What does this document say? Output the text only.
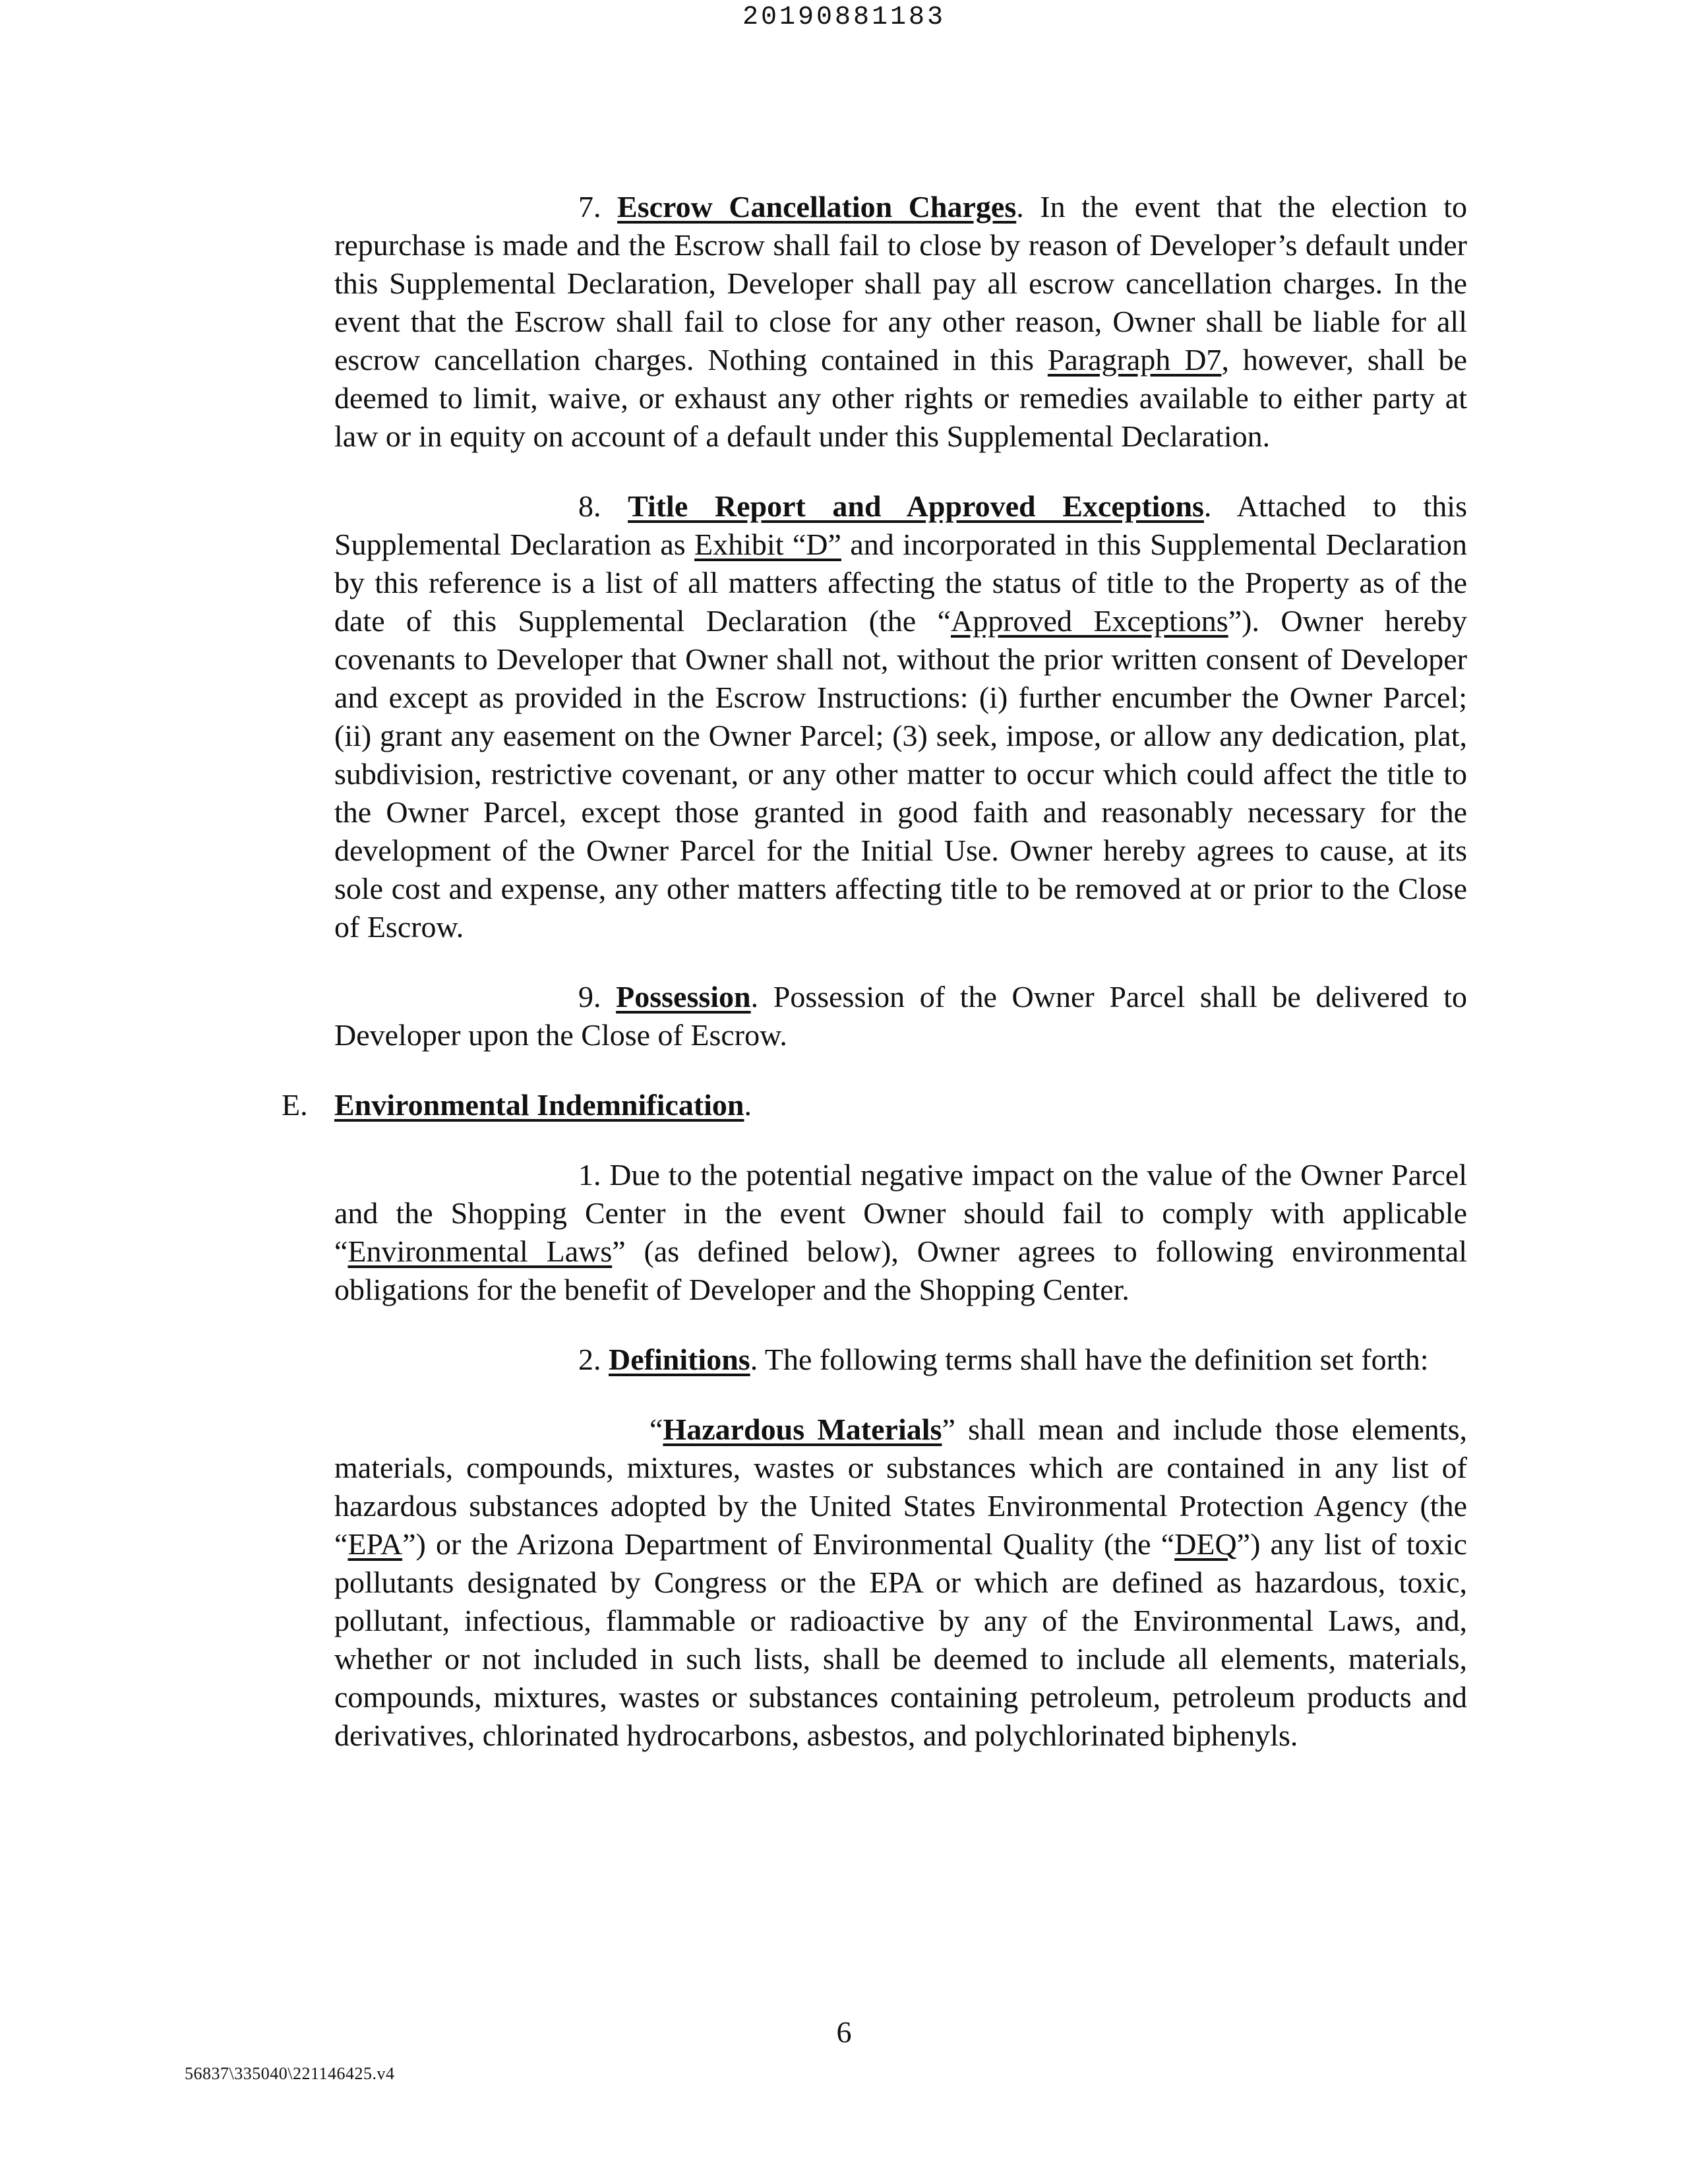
20190881183

7. Escrow Cancellation Charges. In the event that the election to repurchase is made and the Escrow shall fail to close by reason of Developer’s default under this Supplemental Declaration, Developer shall pay all escrow cancellation charges. In the event that the Escrow shall fail to close for any other reason, Owner shall be liable for all escrow cancellation charges. Nothing contained in this Paragraph D7, however, shall be deemed to limit, waive, or exhaust any other rights or remedies available to either party at law or in equity on account of a default under this Supplemental Declaration.

8. Title Report and Approved Exceptions. Attached to this Supplemental Declaration as Exhibit “D” and incorporated in this Supplemental Declaration by this reference is a list of all matters affecting the status of title to the Property as of the date of this Supplemental Declaration (the “Approved Exceptions”). Owner hereby covenants to Developer that Owner shall not, without the prior written consent of Developer and except as provided in the Escrow Instructions: (i) further encumber the Owner Parcel; (ii) grant any easement on the Owner Parcel; (3) seek, impose, or allow any dedication, plat, subdivision, restrictive covenant, or any other matter to occur which could affect the title to the Owner Parcel, except those granted in good faith and reasonably necessary for the development of the Owner Parcel for the Initial Use. Owner hereby agrees to cause, at its sole cost and expense, any other matters affecting title to be removed at or prior to the Close of Escrow.

9. Possession. Possession of the Owner Parcel shall be delivered to Developer upon the Close of Escrow.

E. Environmental Indemnification.

1. Due to the potential negative impact on the value of the Owner Parcel and the Shopping Center in the event Owner should fail to comply with applicable “Environmental Laws” (as defined below), Owner agrees to following environmental obligations for the benefit of Developer and the Shopping Center.

2. Definitions. The following terms shall have the definition set forth:

“Hazardous Materials” shall mean and include those elements, materials, compounds, mixtures, wastes or substances which are contained in any list of hazardous substances adopted by the United States Environmental Protection Agency (the “EPA”) or the Arizona Department of Environmental Quality (the “DEQ”) any list of toxic pollutants designated by Congress or the EPA or which are defined as hazardous, toxic, pollutant, infectious, flammable or radioactive by any of the Environmental Laws, and, whether or not included in such lists, shall be deemed to include all elements, materials, compounds, mixtures, wastes or substances containing petroleum, petroleum products and derivatives, chlorinated hydrocarbons, asbestos, and polychlorinated biphenyls.

6
56837\335040\221146425.v4
